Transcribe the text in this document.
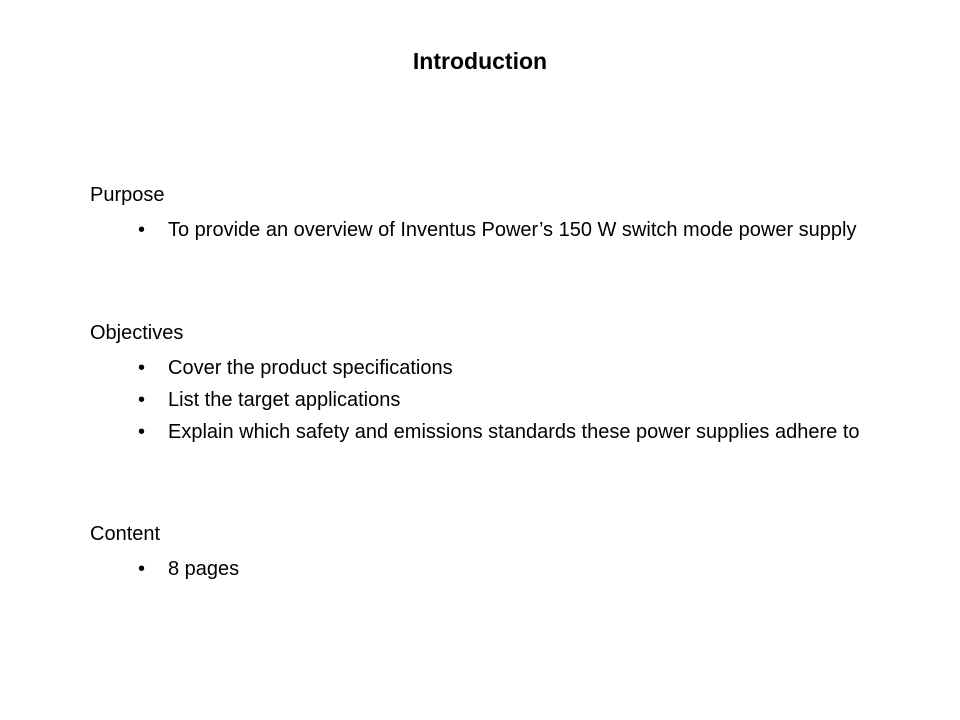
Introduction
Purpose
•	To provide an overview of Inventus Power’s 150 W switch mode power supply
Objectives
•	Cover the product specifications
•	List the target applications
•	Explain which safety and emissions standards these power supplies adhere to
Content
•	8 pages
